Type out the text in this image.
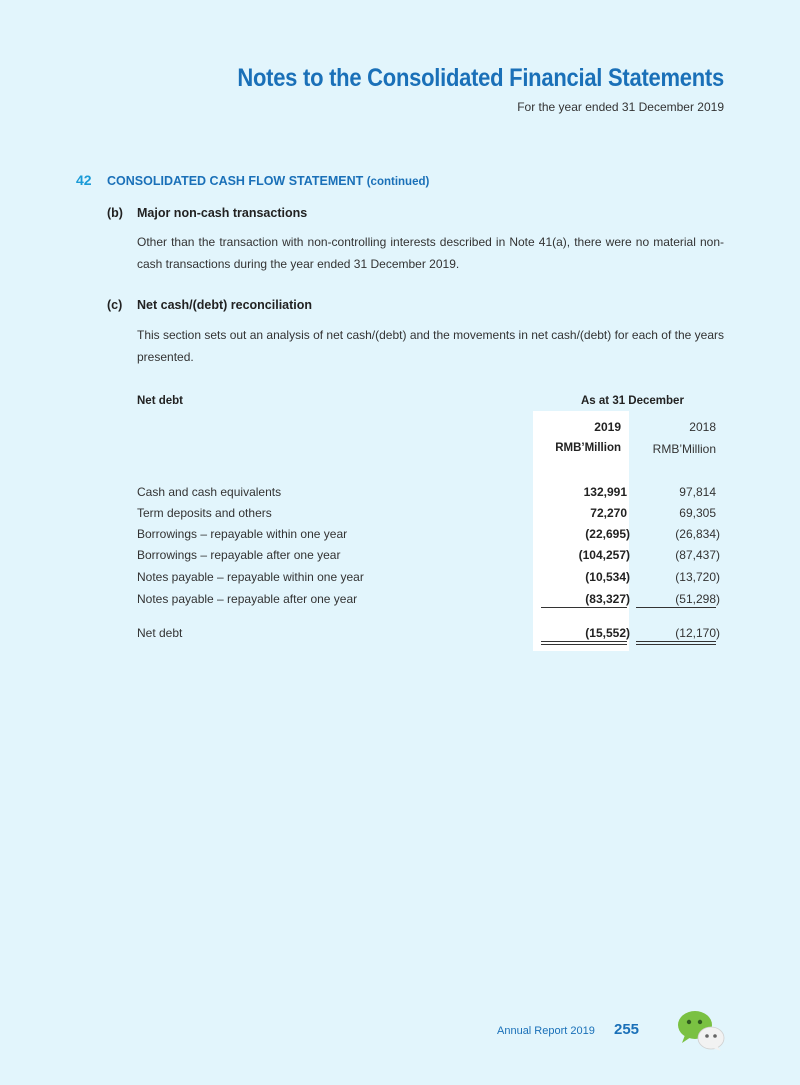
Notes to the Consolidated Financial Statements
For the year ended 31 December 2019
42 CONSOLIDATED CASH FLOW STATEMENT (continued)
(b) Major non-cash transactions
Other than the transaction with non-controlling interests described in Note 41(a), there were no material non-cash transactions during the year ended 31 December 2019.
(c) Net cash/(debt) reconciliation
This section sets out an analysis of net cash/(debt) and the movements in net cash/(debt) for each of the years presented.
Net debt	As at 31 December
2019	2018
RMB’Million	RMB’Million
Cash and cash equivalents	132,991	97,814
Term deposits and others	72,270	69,305
Borrowings – repayable within one year	(22,695)	(26,834)
Borrowings – repayable after one year	(104,257)	(87,437)
Notes payable – repayable within one year	(10,534)	(13,720)
Notes payable – repayable after one year	(83,327)	(51,298)
Net debt	(15,552)	(12,170)
Annual Report 2019 255
